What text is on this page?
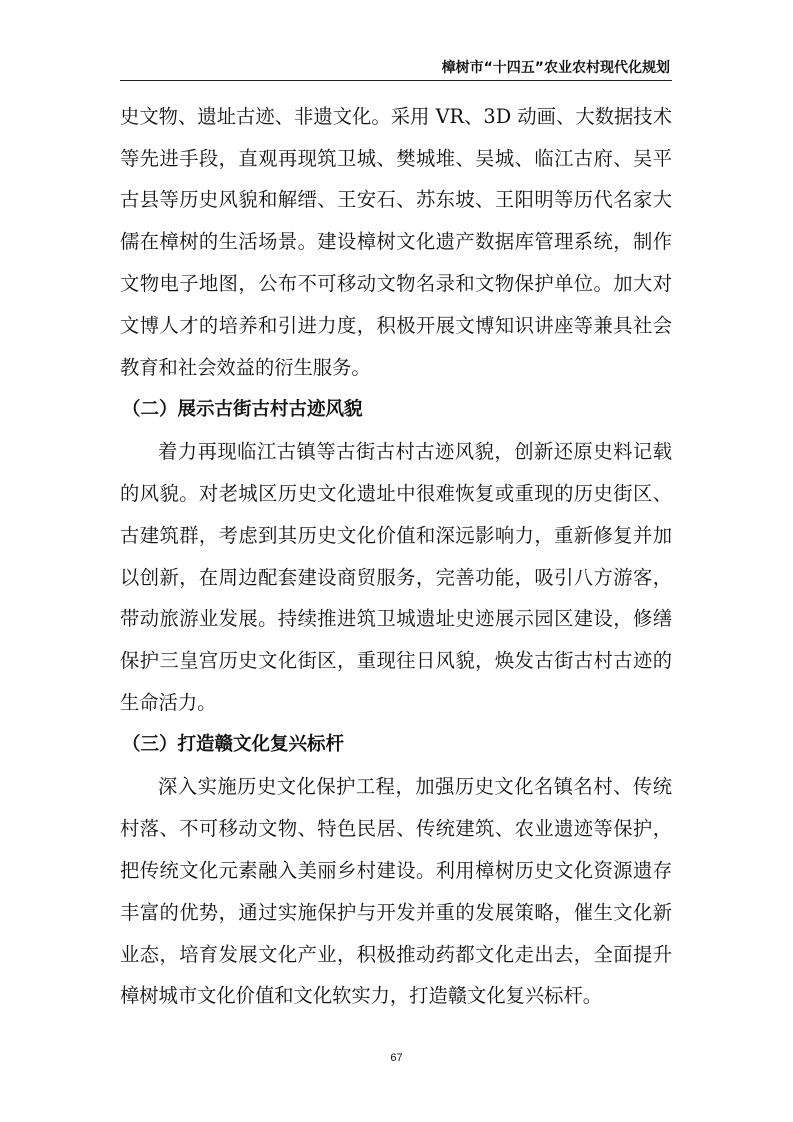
樟树市“十四五”农业农村现代化规划

史文物、遗址古迹、非遗文化。采用 VR、3D 动画、大数据技术

等先进手段，直观再现筑卫城、樊城堆、吴城、临江古府、吴平

古县等历史风貌和解缙、王安石、苏东坡、王阳明等历代名家大

儒在樟树的生活场景。建设樟树文化遗产数据库管理系统，制作

文物电子地图，公布不可移动文物名录和文物保护单位。加大对

文博人才的培养和引进力度，积极开展文博知识讲座等兼具社会

教育和社会效益的衍生服务。

（二）展示古街古村古迹风貌

着力再现临江古镇等古街古村古迹风貌，创新还原史料记载

的风貌。对老城区历史文化遗址中很难恢复或重现的历史街区、

古建筑群，考虑到其历史文化价值和深远影响力，重新修复并加

以创新，在周边配套建设商贸服务，完善功能，吸引八方游客，

带动旅游业发展。持续推进筑卫城遗址史迹展示园区建设，修缮

保护三皇宫历史文化街区，重现往日风貌，焕发古街古村古迹的

生命活力。

（三）打造赣文化复兴标杆

深入实施历史文化保护工程，加强历史文化名镇名村、传统

村落、不可移动文物、特色民居、传统建筑、农业遗迹等保护，

把传统文化元素融入美丽乡村建设。利用樟树历史文化资源遗存

丰富的优势，通过实施保护与开发并重的发展策略，催生文化新

业态，培育发展文化产业，积极推动药都文化走出去，全面提升

樟树城市文化价值和文化软实力，打造赣文化复兴标杆。

67
